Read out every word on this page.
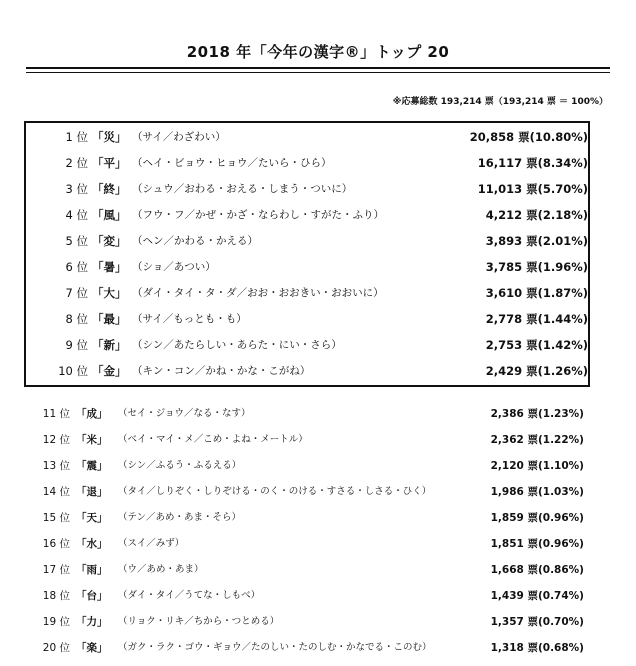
2018 年「今年の漢字®」トップ 20
※応募総数 193,214 票（193,214 票 ＝ 100%）
1 位 「災」 （サイ／わざわい）	20,858 票(10.80%)
2 位 「平」 （ヘイ・ビョウ・ヒョウ／たいら・ひら）	16,117 票(8.34%)
3 位 「終」 （シュウ／おわる・おえる・しまう・ついに）	11,013 票(5.70%)
4 位 「風」 （フウ・フ／かぜ・かざ・ならわし・すがた・ふり）	4,212 票(2.18%)
5 位 「変」 （ヘン／かわる・かえる）	3,893 票(2.01%)
6 位 「暑」 （ショ／あつい）	3,785 票(1.96%)
7 位 「大」 （ダイ・タイ・タ・ダ／おお・おおきい・おおいに）	3,610 票(1.87%)
8 位 「最」 （サイ／もっとも・も）	2,778 票(1.44%)
9 位 「新」 （シン／あたらしい・あらた・にい・さら）	2,753 票(1.42%)
10 位 「金」 （キン・コン／かね・かな・こがね）	2,429 票(1.26%)
11 位 「成」 （セイ・ジョウ／なる・なす）	2,386 票(1.23%)
12 位 「米」 （ベイ・マイ・メ／こめ・よね・メートル）	2,362 票(1.22%)
13 位 「震」 （シン／ふるう・ふるえる）	2,120 票(1.10%)
14 位 「退」 （タイ／しりぞく・しりぞける・のく・のける・すさる・しさる・ひく）	1,986 票(1.03%)
15 位 「天」 （テン／あめ・あま・そら）	1,859 票(0.96%)
16 位 「水」 （スイ／みず）	1,851 票(0.96%)
17 位 「雨」 （ウ／あめ・あま）	1,668 票(0.86%)
18 位 「台」 （ダイ・タイ／うてな・しもべ）	1,439 票(0.74%)
19 位 「力」 （リョク・リキ／ちから・つとめる）	1,357 票(0.70%)
20 位 「楽」 （ガク・ラク・ゴウ・ギョウ／たのしい・たのしむ・かなでる・このむ）	1,318 票(0.68%)
